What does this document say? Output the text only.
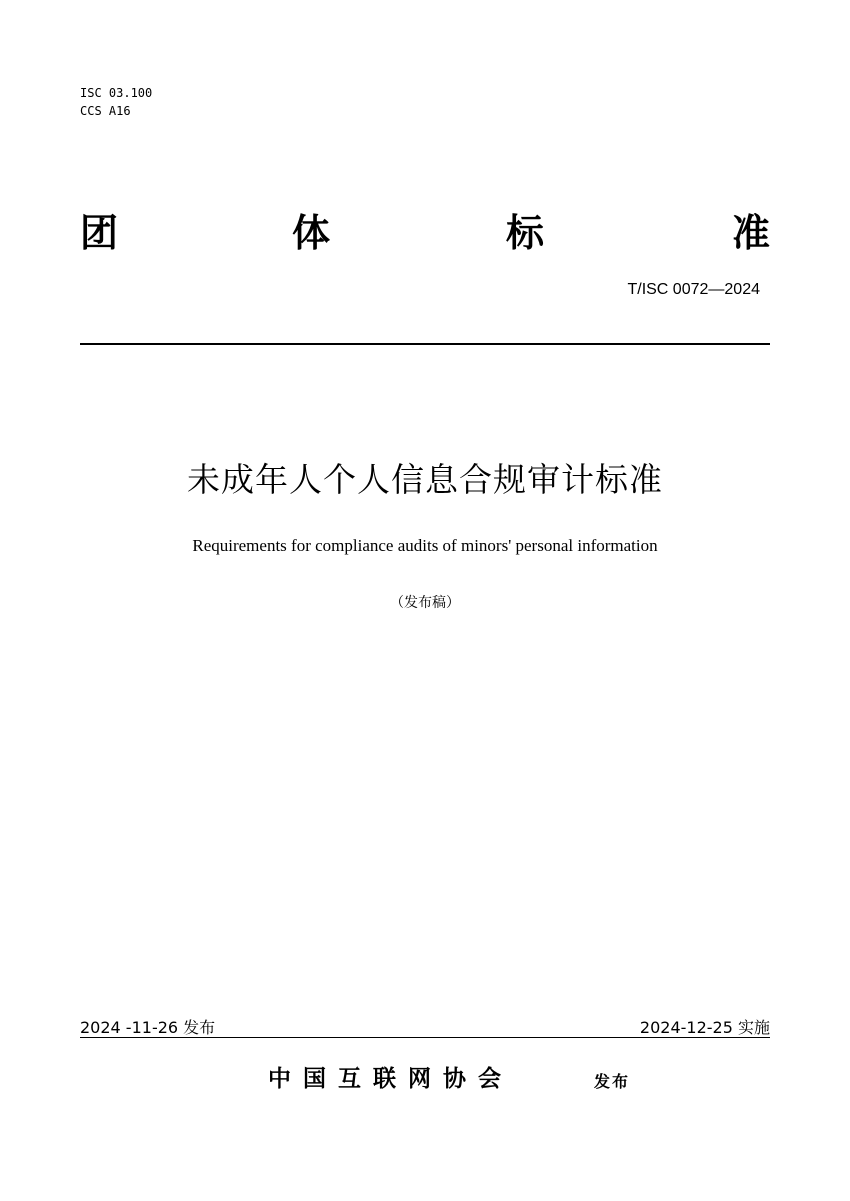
ISC 03.100
CCS A16
团	体	标	准
T/ISC 0072—2024
未成年人个人信息合规审计标准
Requirements for compliance audits of minors' personal information
（发布稿）
2024 -11-26 发布	2024-12-25 实施
中国互联网协会	发布
